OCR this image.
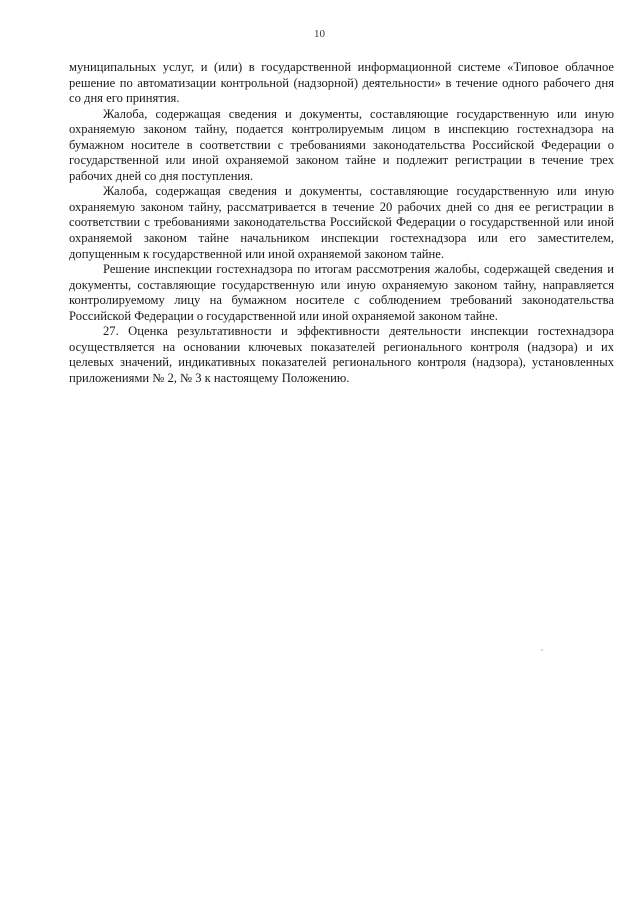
10

муниципальных услуг, и (или) в государственной информационной системе «Типовое облачное решение по автоматизации контрольной (надзорной) деятельности» в течение одного рабочего дня со дня его принятия.

Жалоба, содержащая сведения и документы, составляющие государственную или иную охраняемую законом тайну, подается контролируемым лицом в инспекцию гостехнадзора на бумажном носителе в соответствии с требованиями законодательства Российской Федерации о государственной или иной охраняемой законом тайне и подлежит регистрации в течение трех рабочих дней со дня поступления.

Жалоба, содержащая сведения и документы, составляющие государственную или иную охраняемую законом тайну, рассматривается в течение 20 рабочих дней со дня ее регистрации в соответствии с требованиями законодательства Российской Федерации о государственной или иной охраняемой законом тайне начальником инспекции гостехнадзора или его заместителем, допущенным к государственной или иной охраняемой законом тайне.

Решение инспекции гостехнадзора по итогам рассмотрения жалобы, содержащей сведения и документы, составляющие государственную или иную охраняемую законом тайну, направляется контролируемому лицу на бумажном носителе с соблюдением требований законодательства Российской Федерации о государственной или иной охраняемой законом тайне.

27. Оценка результативности и эффективности деятельности инспекции гостехнадзора осуществляется на основании ключевых показателей регионального контроля (надзора) и их целевых значений, индикативных показателей регионального контроля (надзора), установленных приложениями № 2, № 3 к настоящему Положению.
